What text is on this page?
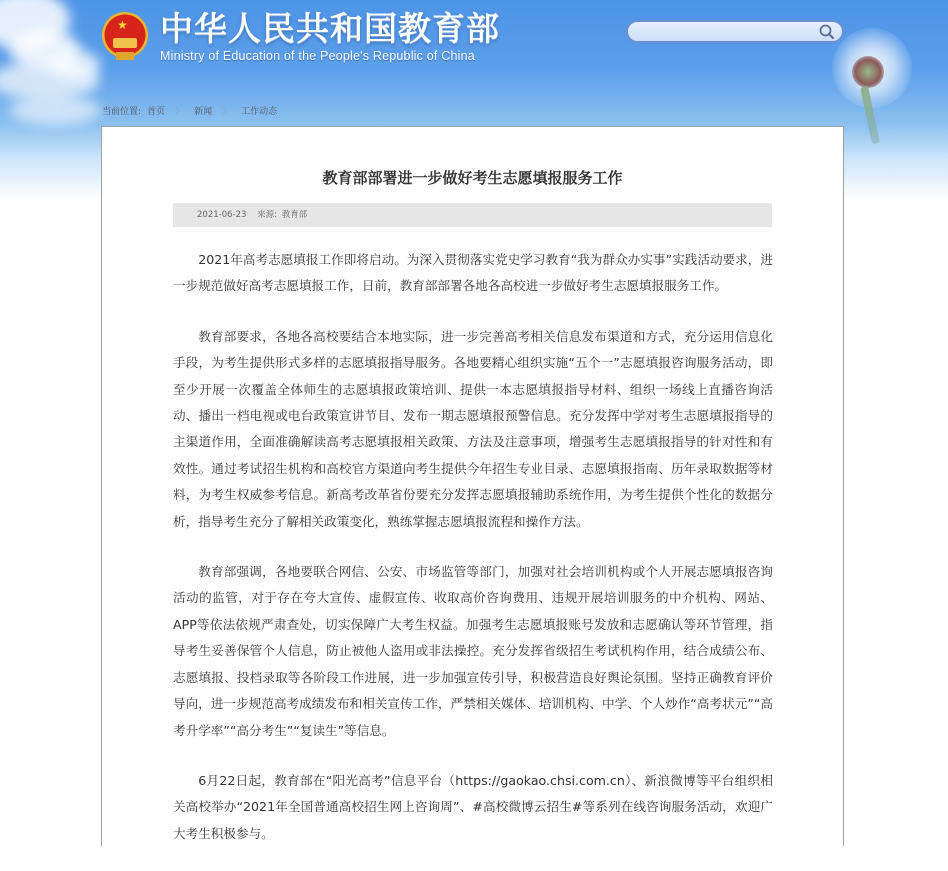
★ 中华人民共和国教育部
Ministry of Education of the People's Republic of China
当前位置: 首页 〉 新闻 〉 工作动态
教育部部署进一步做好考生志愿填报服务工作
2021-06-23 来源: 教育部

2021年高考志愿填报工作即将启动。为深入贯彻落实党史学习教育“我为群众办实事”实践活动要求，进一步规范做好高考志愿填报工作，日前，教育部部署各地各高校进一步做好考生志愿填报服务工作。

教育部要求，各地各高校要结合本地实际，进一步完善高考相关信息发布渠道和方式，充分运用信息化手段，为考生提供形式多样的志愿填报指导服务。各地要精心组织实施“五个一”志愿填报咨询服务活动，即至少开展一次覆盖全体师生的志愿填报政策培训、提供一本志愿填报指导材料、组织一场线上直播咨询活动、播出一档电视或电台政策宣讲节目、发布一期志愿填报预警信息。充分发挥中学对考生志愿填报指导的主渠道作用，全面准确解读高考志愿填报相关政策、方法及注意事项，增强考生志愿填报指导的针对性和有效性。通过考试招生机构和高校官方渠道向考生提供今年招生专业目录、志愿填报指南、历年录取数据等材料，为考生权威参考信息。新高考改革省份要充分发挥志愿填报辅助系统作用，为考生提供个性化的数据分析，指导考生充分了解相关政策变化，熟练掌握志愿填报流程和操作方法。

教育部强调，各地要联合网信、公安、市场监管等部门，加强对社会培训机构或个人开展志愿填报咨询活动的监管，对于存在夸大宣传、虚假宣传、收取高价咨询费用、违规开展培训服务的中介机构、网站、APP等依法依规严肃查处，切实保障广大考生权益。加强考生志愿填报账号发放和志愿确认等环节管理，指导考生妥善保管个人信息，防止被他人盗用或非法操控。充分发挥省级招生考试机构作用，结合成绩公布、志愿填报、投档录取等各阶段工作进展，进一步加强宣传引导，积极营造良好舆论氛围。坚持正确教育评价导向，进一步规范高考成绩发布和相关宣传工作，严禁相关媒体、培训机构、中学、个人炒作“高考状元”“高考升学率”“高分考生”“复读生”等信息。

6月22日起，教育部在“阳光高考”信息平台（https://gaokao.chsi.com.cn）、新浪微博等平台组织相关高校举办“2021年全国普通高校招生网上咨询周”、#高校微博云招生#等系列在线咨询服务活动，欢迎广大考生积极参与。
